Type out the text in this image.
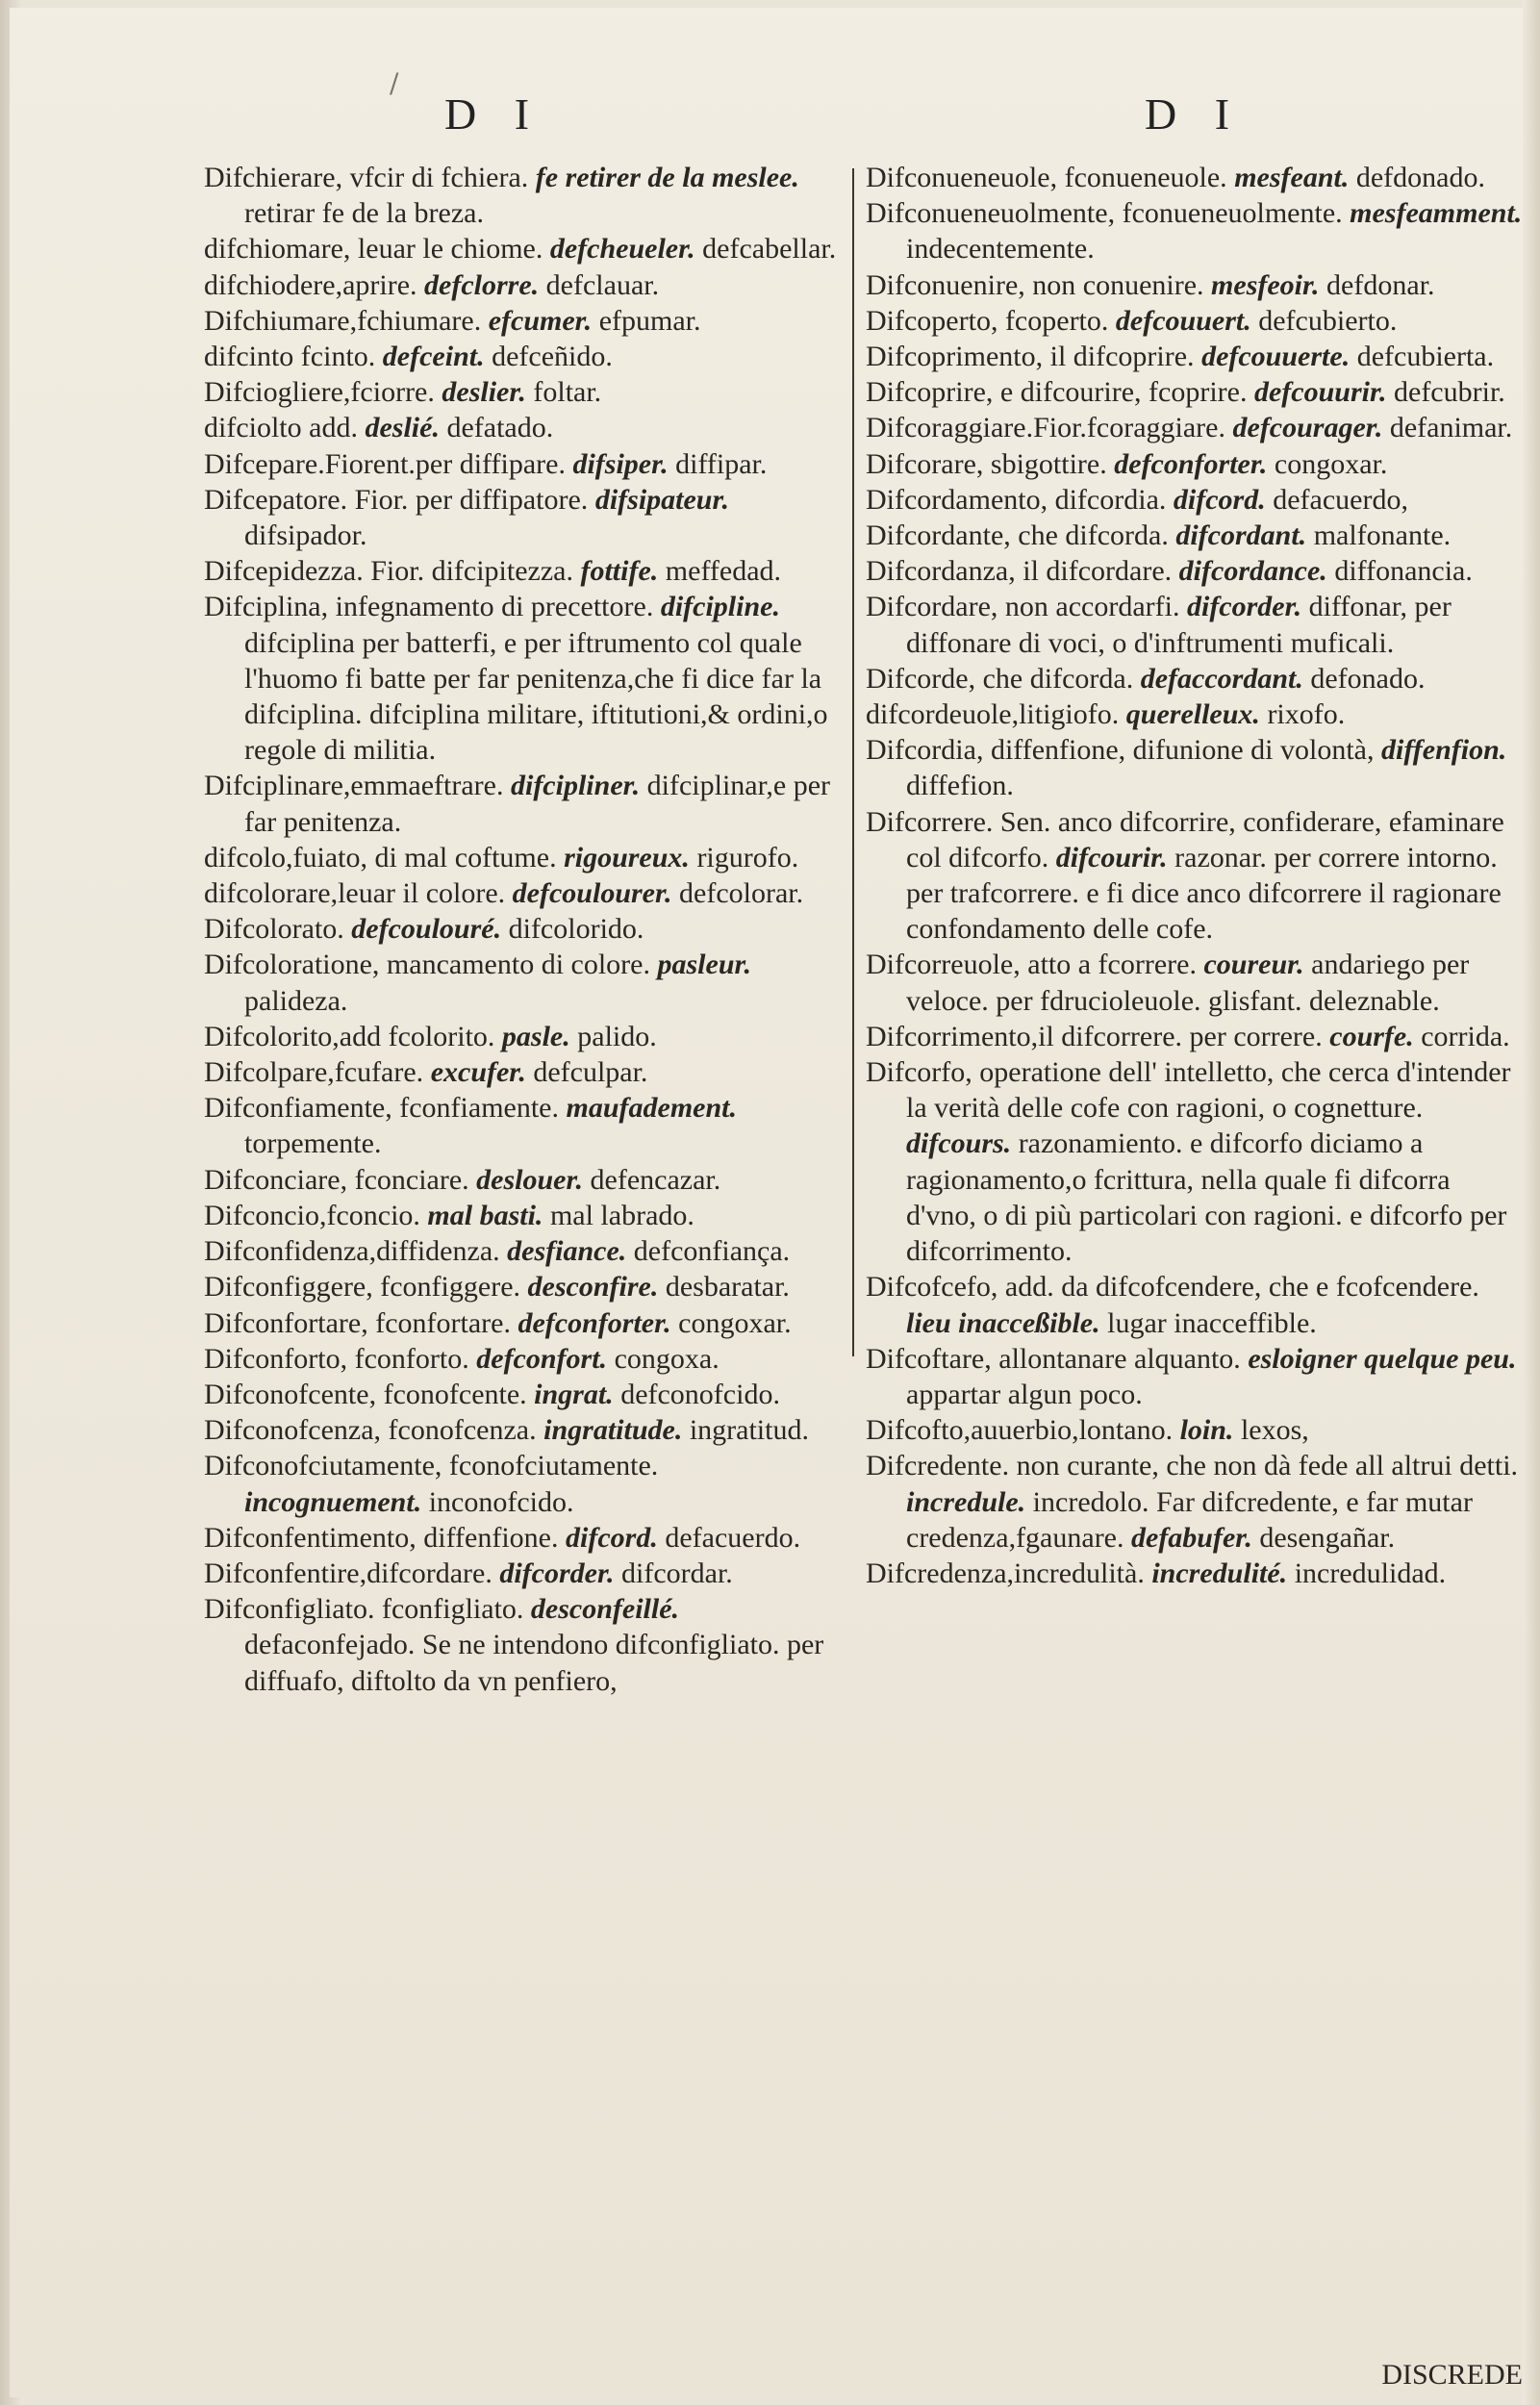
/
D I	D I

Difchierare, vfcir di fchiera. fe retirer de la meslee. retirar fe de la breza.

difchiomare, leuar le chiome. defcheueler. defcabellar.

difchiodere,aprire. defclorre. defclauar.

Difchiumare,fchiumare. efcumer. efpumar.

difcinto fcinto. defceint. defceñido.

Difciogliere,fciorre. deslier. foltar.

difciolto add. deslié. defatado.

Difcepare.Fiorent.per diffipare. difsiper. diffipar.

Difcepatore. Fior. per diffipatore. difsipateur. difsipador.

Difcepidezza. Fior. difcipitezza. fottife. meffedad.

Difciplina, infegnamento di precettore. difcipline. difciplina per batterfi, e per iftrumento col quale l'huomo fi batte per far penitenza,che fi dice far la difciplina. difciplina militare, iftitutioni,& ordini,o regole di militia.

Difciplinare,emmaeftrare. difcipliner. difciplinar,e per far penitenza.

difcolo,fuiato, di mal coftume. rigoureux. rigurofo.

difcolorare,leuar il colore. defcoulourer. defcolorar.

Difcolorato. defcoulouré. difcolorido.

Difcoloratione, mancamento di colore. pasleur. palideza.

Difcolorito,add fcolorito. pasle. palido.

Difcolpare,fcufare. excufer. defculpar.

Difconfiamente, fconfiamente. maufadement. torpemente.

Difconciare, fconciare. deslouer. defencazar.

Difconcio,fconcio. mal basti. mal labrado.

Difconfidenza,diffidenza. desfiance. defconfiança.

Difconfiggere, fconfiggere. desconfire. desbaratar.

Difconfortare, fconfortare. defconforter. congoxar.

Difconforto, fconforto. defconfort. congoxa.

Difconofcente, fconofcente. ingrat. defconofcido.

Difconofcenza, fconofcenza. ingratitude. ingratitud.

Difconofciutamente, fconofciutamente. incognuement. inconofcido.

Difconfentimento, diffenfione. difcord. defacuerdo.

Difconfentire,difcordare. difcorder. difcordar.

Difconfigliato. fconfigliato. desconfeillé. defaconfejado. Se ne intendono difconfigliato. per diffuafo, diftolto da vn penfiero,

Difconueneuole, fconueneuole. mesfeant. defdonado.

Difconueneuolmente, fconueneuolmente. mesfeamment. indecentemente.

Difconuenire, non conuenire. mesfeoir. defdonar.

Difcoperto, fcoperto. defcouuert. defcubierto.

Difcoprimento, il difcoprire. defcouuerte. defcubierta.

Difcoprire, e difcourire, fcoprire. defcouurir. defcubrir.

Difcoraggiare.Fior.fcoraggiare. defcourager. defanimar.

Difcorare, sbigottire. defconforter. congoxar.

Difcordamento, difcordia. difcord. defacuerdo,

Difcordante, che difcorda. difcordant. malfonante.

Difcordanza, il difcordare. difcordance. diffonancia.

Difcordare, non accordarfi. difcorder. diffonar, per diffonare di voci, o d'inftrumenti muficali.

Difcorde, che difcorda. defaccordant. defonado.

difcordeuole,litigiofo. querelleux. rixofo.

Difcordia, diffenfione, difunione di volontà, diffenfion. diffefion.

Difcorrere. Sen. anco difcorrire, confiderare, efaminare col difcorfo. difcourir. razonar. per correre intorno. per trafcorrere. e fi dice anco difcorrere il ragionare confondamento delle cofe.

Difcorreuole, atto a fcorrere. coureur. andariego per veloce. per fdrucioleuole. glisfant. deleznable.

Difcorrimento,il difcorrere. per correre. courfe. corrida.

Difcorfo, operatione dell' intelletto, che cerca d'intender la verità delle cofe con ragioni, o cognetture. difcours. razonamiento. e difcorfo diciamo a ragionamento,o fcrittura, nella quale fi difcorra d'vno, o di più particolari con ragioni. e difcorfo per difcorrimento.

Difcofcefo, add. da difcofcendere, che e fcofcendere. lieu inacceßible. lugar inacceffible.

Difcoftare, allontanare alquanto. esloigner quelque peu. appartar algun poco.

Difcofto,auuerbio,lontano. loin. lexos,

Difcredente. non curante, che non dà fede all altrui detti. incredule. incredolo. Far difcredente, e far mutar credenza,fgaunare. defabufer. desengañar.

Difcredenza,incredulità. incredulité. incredulidad.

DISCREDE
